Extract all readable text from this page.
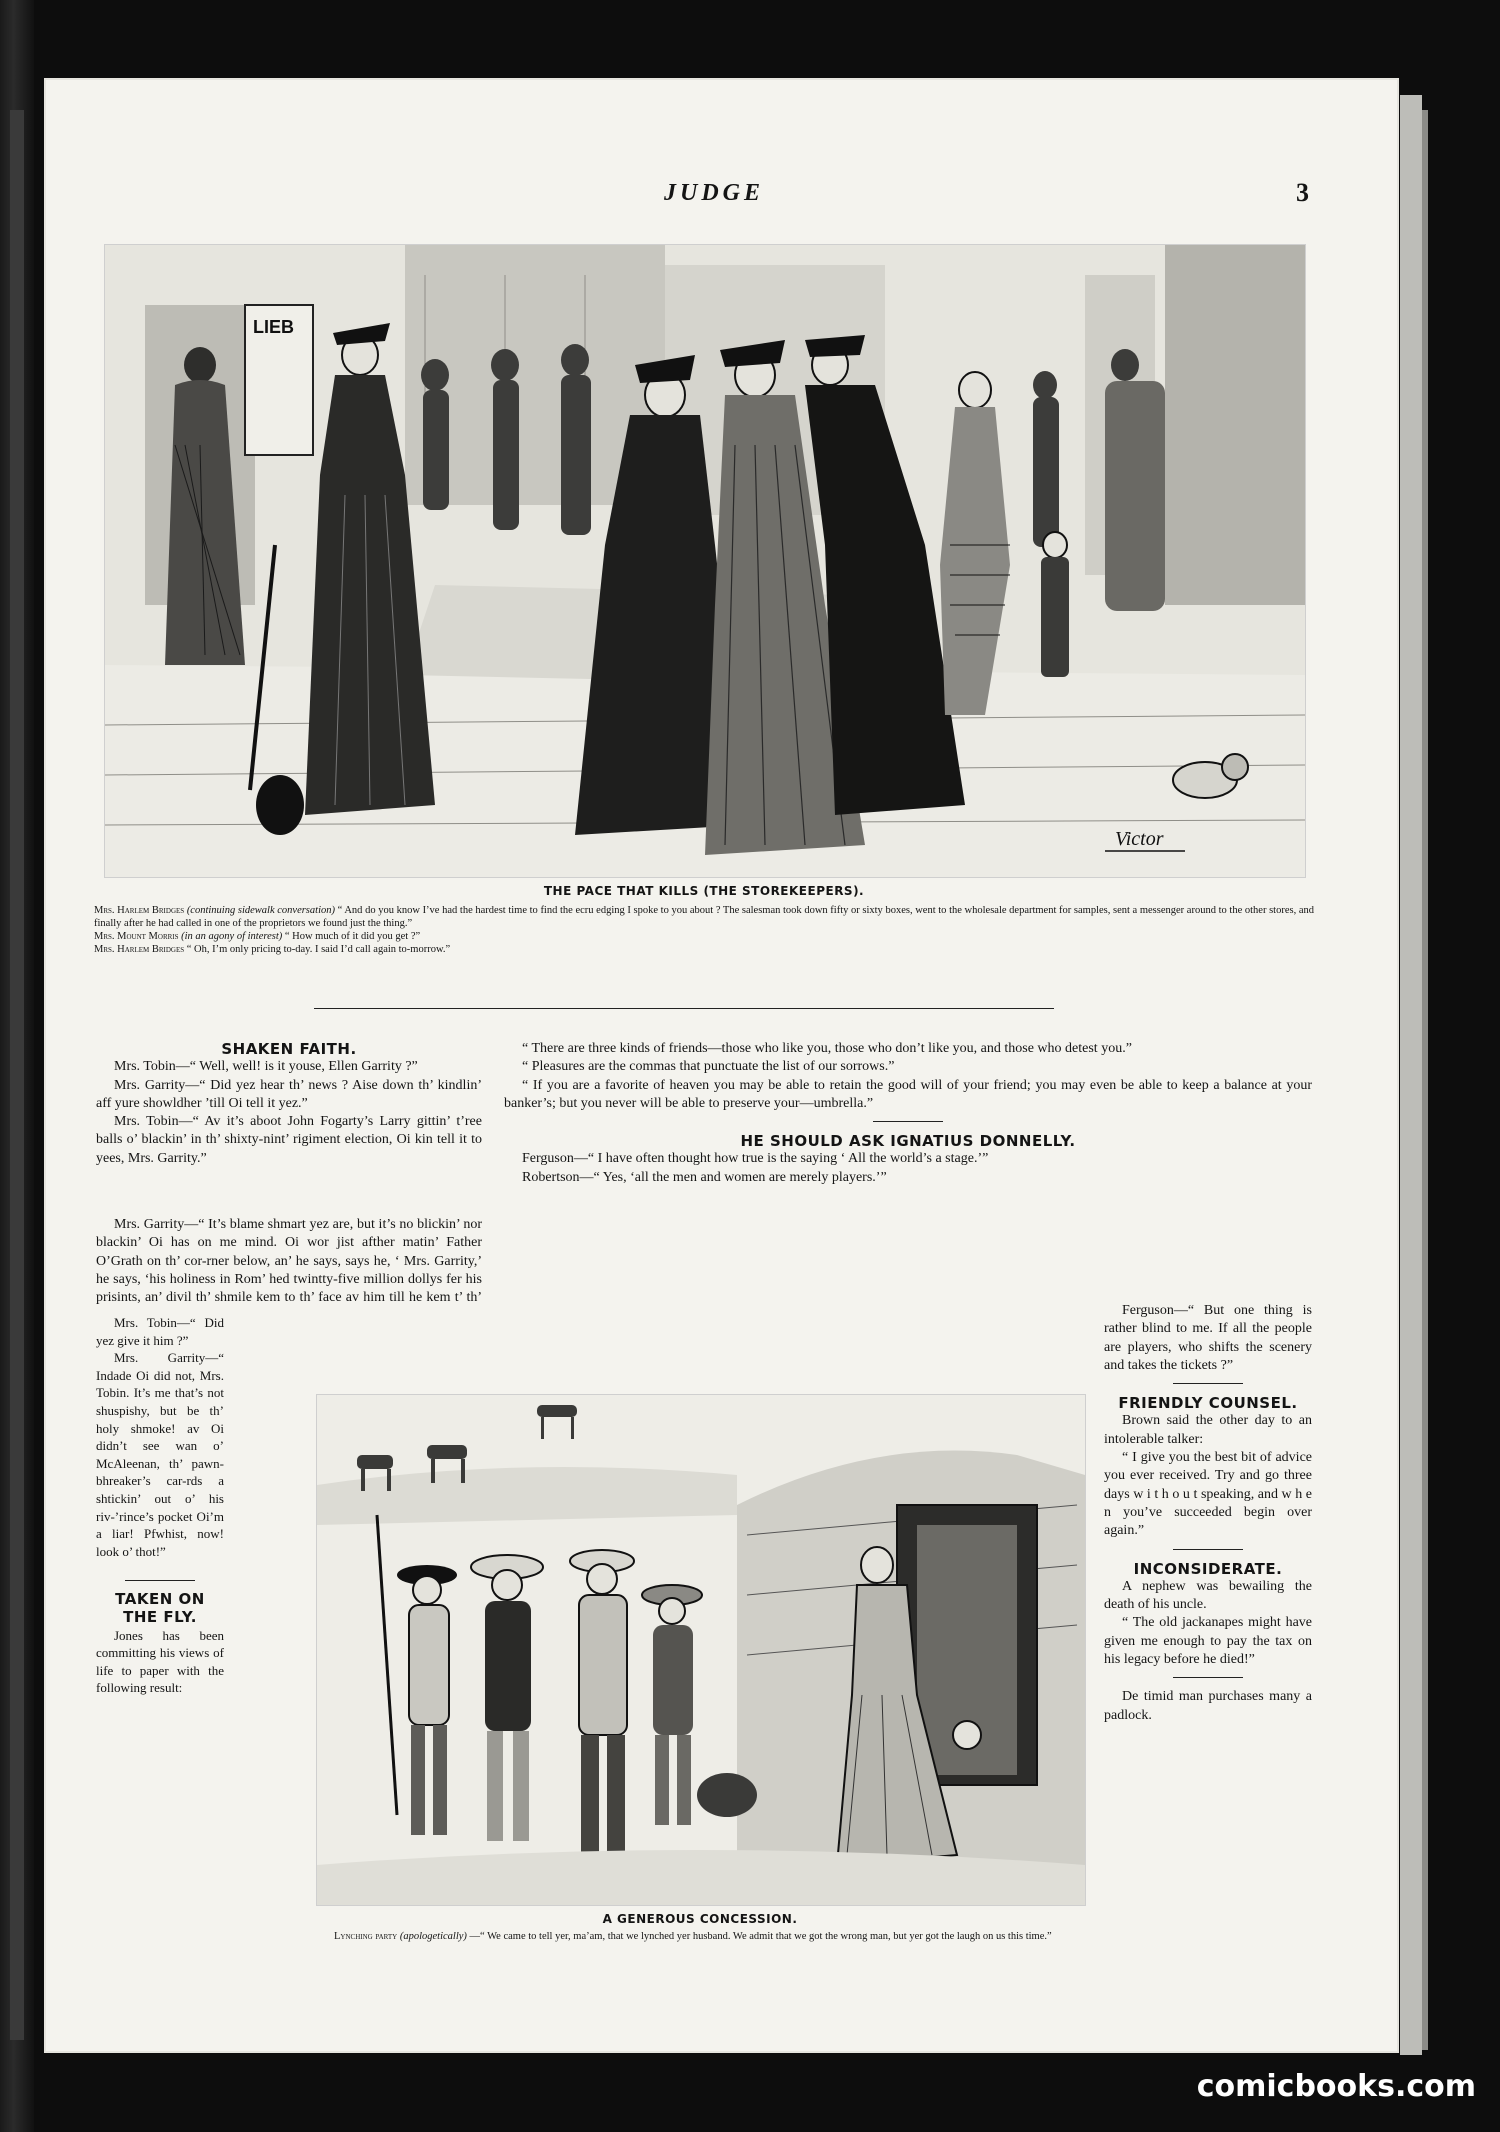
JUDGE	3
LIEB
Victor
THE PACE THAT KILLS (THE STOREKEEPERS).

Mrs. Harlem Bridges (continuing sidewalk conversation) “ And do you know I’ve had the hardest time to find the ecru edging I spoke to you about ? The salesman took down fifty or sixty boxes, went to the wholesale department for samples, sent a messenger around to the other stores, and finally after he had called in one of the proprietors we found just the thing.”

Mrs. Mount Morris (in an agony of interest) “ How much of it did you get ?”

Mrs. Harlem Bridges “ Oh, I’m only pricing to-day. I said I’d call again to-morrow.”

SHAKEN FAITH.

Mrs. Tobin—“ Well, well! is it youse, Ellen Garrity ?”

Mrs. Garrity—“ Did yez hear th’ news ? Aise down th’ kindlin’ aff yure showldher ’till Oi tell it yez.”

Mrs. Tobin—“ Av it’s aboot John Fogarty’s Larry gittin’ t’ree balls o’ blackin’ in th’ shixty-nint’ rigiment election, Oi kin tell it to yees, Mrs. Garrity.”

Mrs. Garrity—“ It’s blame shmart yez are, but it’s no blickin’ nor blackin’ Oi has on me mind. Oi wor jist afther matin’ Father O’Grath on th’ cor-rner below, an’ he says, says he, ‘ Mrs. Garrity,’ he says, ‘his holiness in Rom’ hed twintty-five million dollys fer his prisints, an’ divil th’ shmile kem to th’ face av him till he kem t’ th’

Mrs. Tobin—“ Did yez give it him ?”

Mrs. Garrity—“ Indade Oi did not, Mrs. Tobin. It’s me that’s not shuspishy, but be th’ holy shmoke! av Oi didn’t see wan o’ McAleenan, th’ pawn-bhreaker’s car-rds a shtickin’ out o’ his riv-’rince’s pocket Oi’m a liar! Pfwhist, now! look o’ thot!”

TAKEN ON THE FLY.

Jones has been committing his views of life to paper with the following result:

“ There are three kinds of friends—those who like you, those who don’t like you, and those who detest you.”

“ Pleasures are the commas that punctuate the list of our sorrows.”

“ If you are a favorite of heaven you may be able to retain the good will of your friend; you may even be able to keep a balance at your banker’s; but you never will be able to preserve your—umbrella.”

HE SHOULD ASK IGNATIUS DONNELLY.

Ferguson—“ I have often thought how true is the saying ‘ All the world’s a stage.’”

Robertson—“ Yes, ‘all the men and women are merely players.’”

Ferguson—“ But one thing is rather blind to me. If all the people are players, who shifts the scenery and takes the tickets ?”

FRIENDLY COUNSEL.

Brown said the other day to an intolerable talker:

“ I give you the best bit of advice you ever received. Try and go three days w i t h o u t speaking, and w h e n you’ve succeeded begin over again.”

INCONSIDERATE.

A nephew was bewailing the death of his uncle.

“ The old jackanapes might have given me enough to pay the tax on his legacy before he died!”

De timid man purchases many a padlock.

A GENEROUS CONCESSION.

Lynching party (apologetically) —“ We came to tell yer, ma’am, that we lynched yer husband. We admit that we got the wrong man, but yer got the laugh on us this time.”

comicbooks.com
